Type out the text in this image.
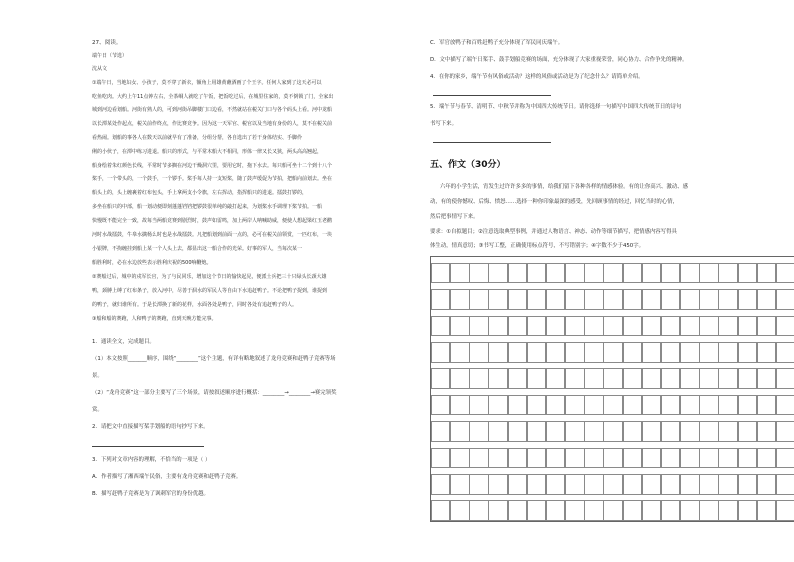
27、阅读。
端午日（节选）
沈从文
①端午日，当地妇女、小孩子，莫不穿了新衣，额角上用雄黄蘸酒画了个王字。任何人家到了这天必可以
吃鱼吃肉。大约上午11点钟左右，全茶峒人就吃了午饭，把饭吃过后，在城里住家的，莫不倒锁了门，全家出
城到河边看划船。河街有熟人的，可到河街吊脚楼门口边看，不然就站在税关门口与各个码头上看。河中龙船
以长潭某处作起点，税关前作终点，作比赛竞争。因为这一天军官、税官以及当地有身份的人，莫不在税关前
看热闹。划船的事各人在数天以前就早有了准备，分组分帮，各自选出了若干身体结实、手脚伶
俐的小伙子，在潭中练习进退。船只的形式，与平常木船大不相同，形体一律又长又狭，两头高高翘起，
船身绘着朱红颜色长线，平常时节多搁在河边干燥洞穴里，要用它时，拖下水去。每只船可坐十二个到十八个
桨手，一个带头的，一个鼓手，一个锣手。桨手每人持一支短桨，随了鼓声缓促为节拍，把船向前划去。坐在
船头上的，头上缠裹着红布包头，手上拿两支小令旗，左右挥动，指挥船只的进退。擂鼓打锣的，
多坐在船只的中部，船一划动便即刻蓬蓬铛铛把锣鼓很单纯的敲打起来，为划桨水手调理下桨节拍。一船
快慢既不能完全一致，故每当两船竞赛到剧烈时，鼓声如雷鸣，加上两岸人呐喊助威，便使人想起梁红玉老鹳
河时水战擂鼓，牛皋水擒杨么时也是水战擂鼓。凡把船划到前面一点的，必可在税关前领赏，一匹红布，一块
小银牌，不拘缠挂到船上某一个人头上去，都显出这一船合作的光荣。好事的军人，当每次某一
船胜利时，必在水边放些表示胜利庆祝的500响鞭炮。
②赛船过后，城中的戍军长官，为了与民同乐，增加这个节日的愉快起见，便派士兵把三十只绿头长颈大雄
鸭，颈膊上缚了红布条子，放入河中，尽善于泅水的军民人等自由下水追赶鸭子。不论把鸭子捉到，谁捉到
的鸭子，就归谁所有。于是长潭换了新的花样，水面各处是鸭子，同时各处有追赶鸭子的人。
③船和船的赛跑，人和鸭子的赛跑，直到天晚方能完事。
1．通读全文，完成题目。
（1）本文按照_______顺序，围绕“________”这个主题，有详有略地叙述了龙舟竞赛和赶鸭子竞赛等场
景。
（2）“龙舟竞赛”这一部分主要写了三个场景，请按叙述顺序进行概括：________→________→赛完领奖
赏。
2．请把文中直接描写桨手划船的语句抄写下来。
3．下列对文章内容的理解，不恰当的一项是（ ）
A．作者描写了湘西端午民俗，主要有龙舟竞赛和赶鸭子竞赛。
B．描写赶鸭子竞赛是为了讽刺军官的身份优越。
C．军官放鸭子和百姓赶鸭子充分体现了军民同庆端午。
D．文中描写了端午日桨手、鼓手划船竞赛的场面，充分体现了大家重视荣誉，同心协力、合作争先的精神。
4．在你的家乡，端午节有风俗或活动？这样的风俗或活动是为了纪念什么？请简单介绍。
5．端午节与春节、清明节、中秋节并称为中国四大传统节日。请你选择一句描写中国四大传统节日的诗句
书写下来。
五、作文（30分）
六年的小学生活，宵发生过许许多多的事情，给我们留下各种各样的情感体验。有的让你高兴、激动、感
动，有的使你憾叹、后悔、愤怒……选择一种你印象最深的感受，先回顾事情的经过，回忆当时的心情，
然后把事情写下来。
要求：①自拟题目；②注意选取典型事例，并通过人物语言、神态、动作等细节描写，把情感内容写得具
体生动，情真意切；③书写工整，正确使用标点符号，不写错别字；④字数不少于450字。
